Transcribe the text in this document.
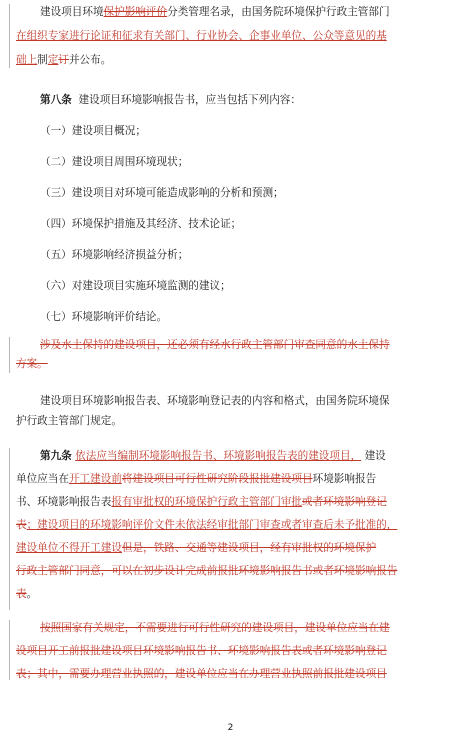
建设项目环境保护影响评价分类管理名录，由国务院环境保护行政主管部门
在组织专家进行论证和征求有关部门、行业协会、企事业单位、公众等意见的基
础上制定订并公布。
第八条 建设项目环境影响报告书，应当包括下列内容：
（一）建设项目概况；
（二）建设项目周围环境现状；
（三）建设项目对环境可能造成影响的分析和预测；
（四）环境保护措施及其经济、技术论证；
（五）环境影响经济损益分析；
（六）对建设项目实施环境监测的建议；
（七）环境影响评价结论。
涉及水土保持的建设项目，还必须有经水行政主管部门审查同意的水土保持
方案。
建设项目环境影响报告表、环境影响登记表的内容和格式，由国务院环境保
护行政主管部门规定。
第九条 依法应当编制环境影响报告书、环境影响报告表的建设项目， 建设
单位应当在开工建设前将建设项目可行性研究阶段报批建设项目环境影响报告
书、环境影响报告表报有审批权的环境保护行政主管部门审批或者环境影响登记
表；建设项目的环境影响评价文件未依法经审批部门审查或者审查后未予批准的，
建设单位不得开工建设但是，铁路、交通等建设项目，经有审批权的环境保护
行政主管部门同意，可以在初步设计完成前报批环境影响报告书或者环境影响报告
表。
按照国家有关规定，不需要进行可行性研究的建设项目，建设单位应当在建
设项目开工前报批建设项目环境影响报告书、环境影响报告表或者环境影响登记
表；其中，需要办理营业执照的，建设单位应当在办理营业执照前报批建设项目
2
